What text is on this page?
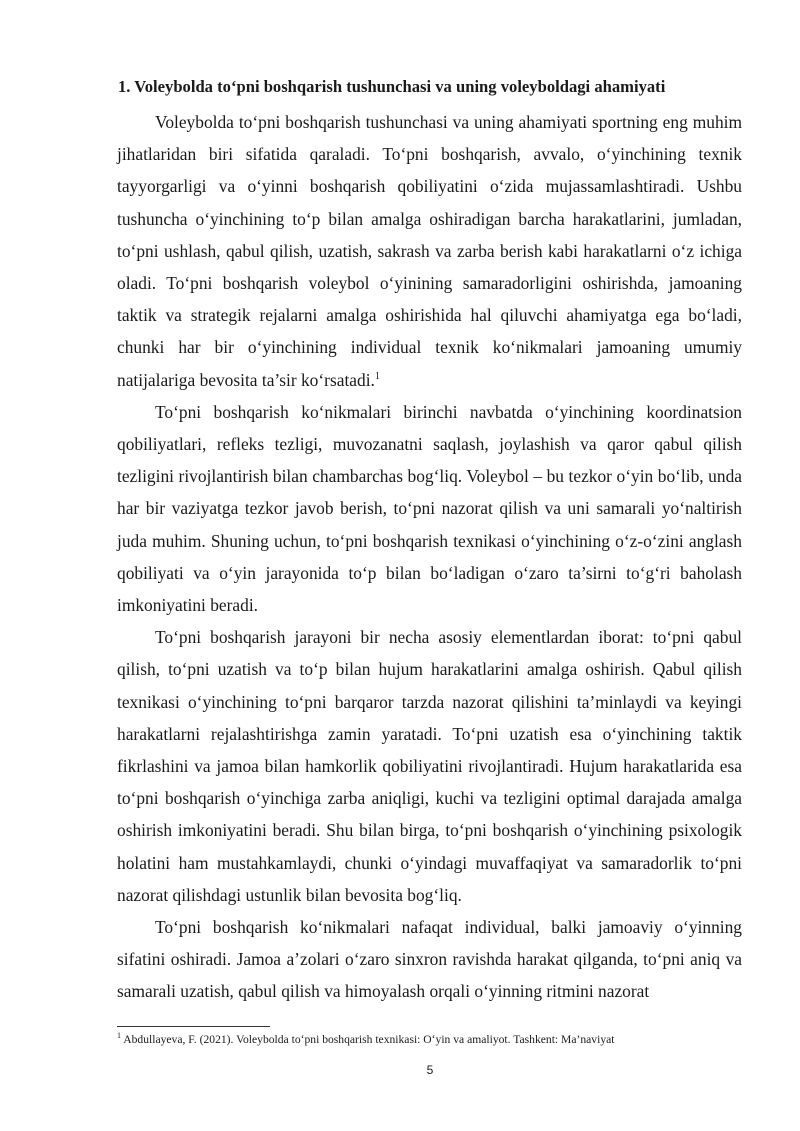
1. Voleybolda to‘pni boshqarish tushunchasi va uning voleyboldagi ahamiyati

Voleybolda to‘pni boshqarish tushunchasi va uning ahamiyati sportning eng muhim jihatlaridan biri sifatida qaraladi. To‘pni boshqarish, avvalo, o‘yinchining texnik tayyorgarligi va o‘yinni boshqarish qobiliyatini o‘zida mujassamlashtiradi. Ushbu tushuncha o‘yinchining to‘p bilan amalga oshiradigan barcha harakatlarini, jumladan, to‘pni ushlash, qabul qilish, uzatish, sakrash va zarba berish kabi harakatlarni o‘z ichiga oladi. To‘pni boshqarish voleybol o‘yinining samaradorligini oshirishda, jamoaning taktik va strategik rejalarni amalga oshirishida hal qiluvchi ahamiyatga ega bo‘ladi, chunki har bir o‘yinchining individual texnik ko‘nikmalari jamoaning umumiy natijalariga bevosita ta’sir ko‘rsatadi.$^1$

To‘pni boshqarish ko‘nikmalari birinchi navbatda o‘yinchining koordinatsion qobiliyatlari, refleks tezligi, muvozanatni saqlash, joylashish va qaror qabul qilish tezligini rivojlantirish bilan chambarchas bog‘liq. Voleybol – bu tezkor o‘yin bo‘lib, unda har bir vaziyatga tezkor javob berish, to‘pni nazorat qilish va uni samarali yo‘naltirish juda muhim. Shuning uchun, to‘pni boshqarish texnikasi o‘yinchining o‘z-o‘zini anglash qobiliyati va o‘yin jarayonida to‘p bilan bo‘ladigan o‘zaro ta’sirni to‘g‘ri baholash imkoniyatini beradi.

To‘pni boshqarish jarayoni bir necha asosiy elementlardan iborat: to‘pni qabul qilish, to‘pni uzatish va to‘p bilan hujum harakatlarini amalga oshirish. Qabul qilish texnikasi o‘yinchining to‘pni barqaror tarzda nazorat qilishini ta’minlaydi va keyingi harakatlarni rejalashtirishga zamin yaratadi. To‘pni uzatish esa o‘yinchining taktik fikrlashini va jamoa bilan hamkorlik qobiliyatini rivojlantiradi. Hujum harakatlarida esa to‘pni boshqarish o‘yinchiga zarba aniqligi, kuchi va tezligini optimal darajada amalga oshirish imkoniyatini beradi. Shu bilan birga, to‘pni boshqarish o‘yinchining psixologik holatini ham mustahkamlaydi, chunki o‘yindagi muvaffaqiyat va samaradorlik to‘pni nazorat qilishdagi ustunlik bilan bevosita bog‘liq.

To‘pni boshqarish ko‘nikmalari nafaqat individual, balki jamoaviy o‘yinning sifatini oshiradi. Jamoa a’zolari o‘zaro sinxron ravishda harakat qilganda, to‘pni aniq va samarali uzatish, qabul qilish va himoyalash orqali o‘yinning ritmini nazorat

$^1$ Abdullayeva, F. (2021). Voleybolda to‘pni boshqarish texnikasi: O‘yin va amaliyot. Tashkent: Ma’naviyat
5
